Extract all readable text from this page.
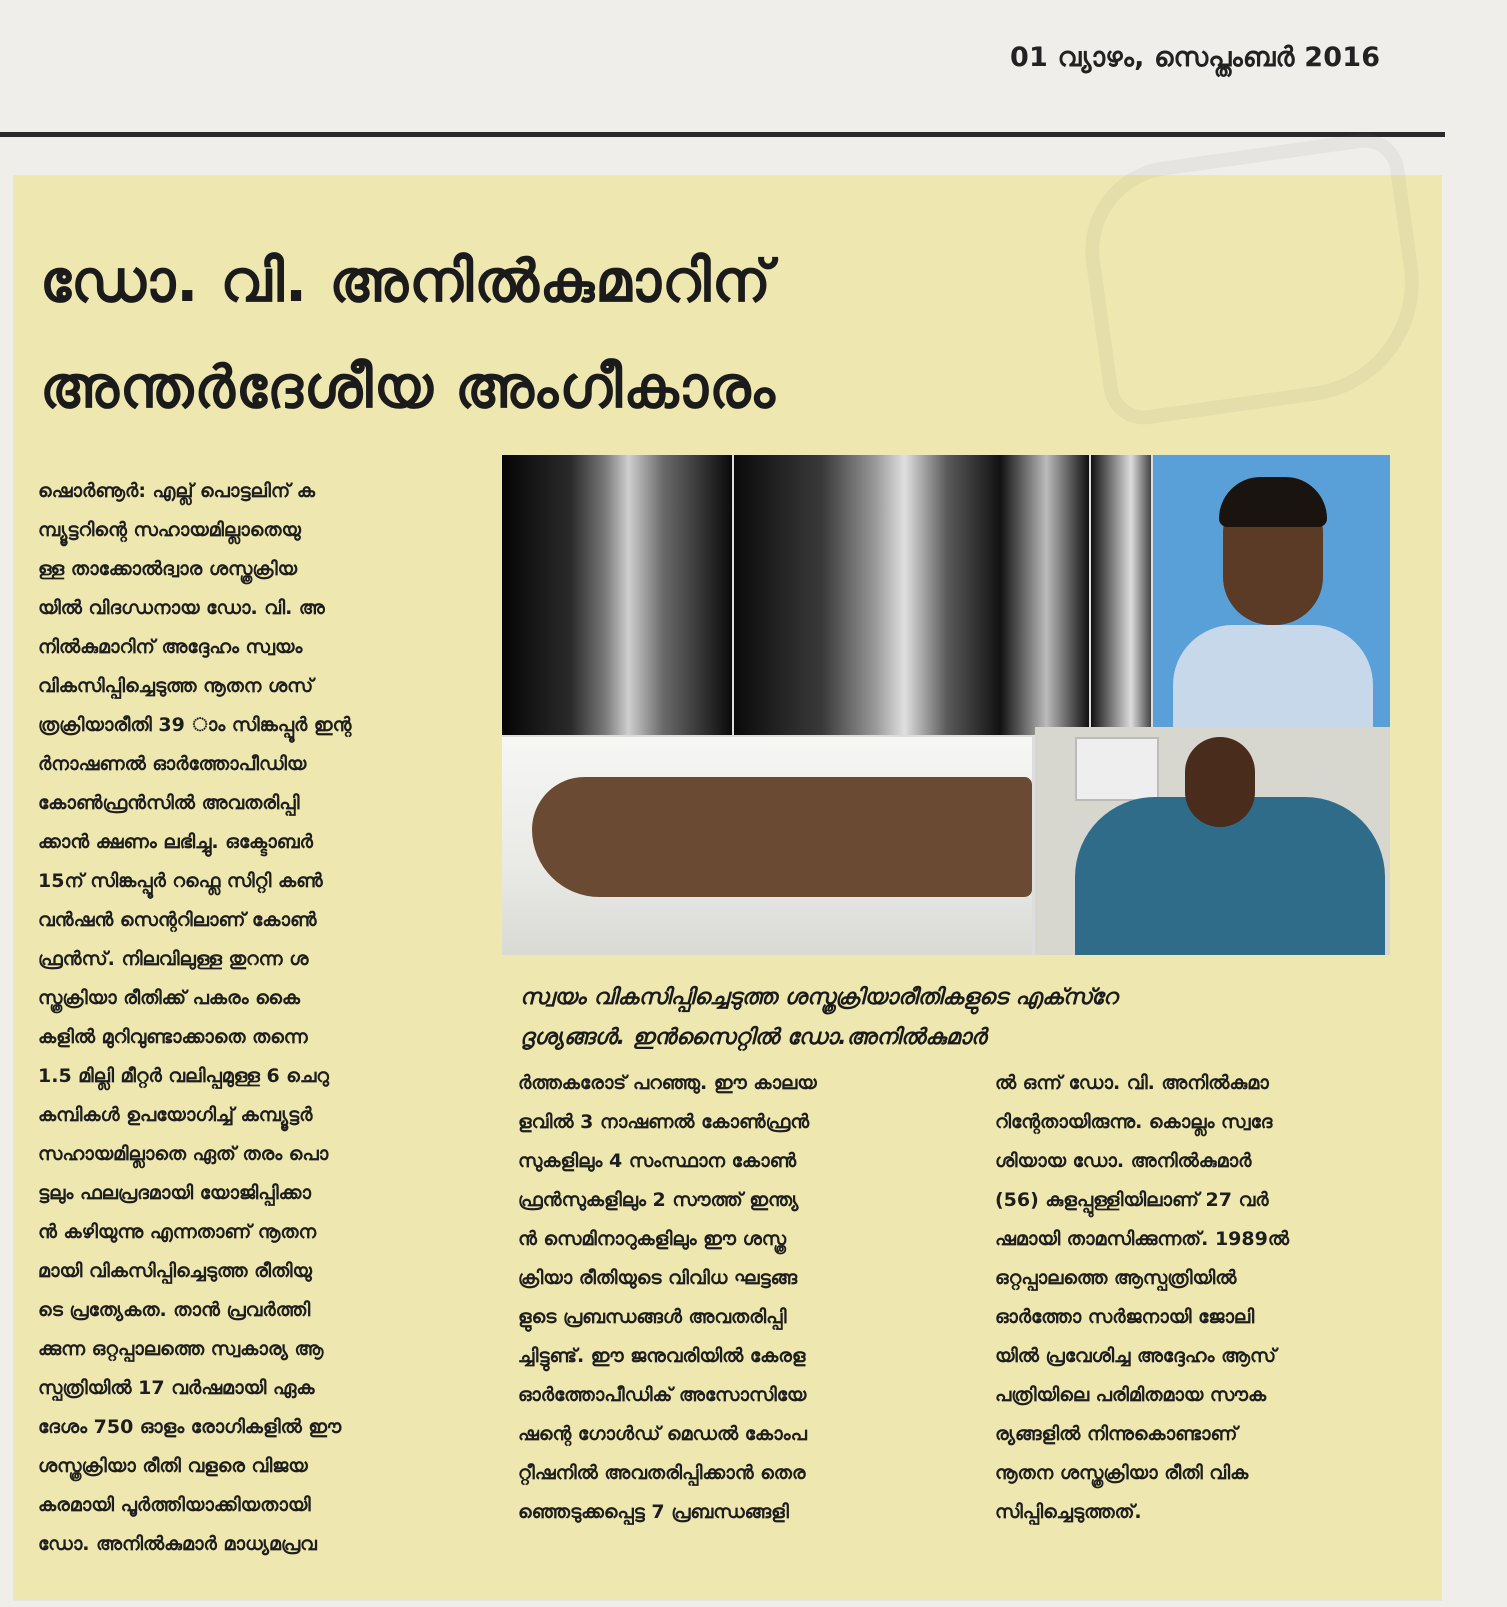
01 വ്യാഴം, സെപ്തംബർ 2016
ഡോ. വി. അനിൽകുമാറിന്
അന്തർദേശീയ അംഗീകാരം
സ്വയം വികസിപ്പിച്ചെടുത്ത ശസ്ത്രക്രിയാരീതികളുടെ എക്സ്റേ
ദൃശ്യങ്ങൾ. ഇൻസൈറ്റിൽ ഡോ.അനിൽകുമാർ
ഷൊർണൂർ: എല്ല് പൊട്ടലിന് ക
മ്പ്യൂട്ടറിന്റെ സഹായമില്ലാതെയു
ള്ള താക്കോൽദ്വാര ശസ്ത്രക്രിയ
യിൽ വിദഗ്ധനായ ഡോ. വി. അ
നിൽകുമാറിന് അദ്ദേഹം സ്വയം
വികസിപ്പിച്ചെടുത്ത നൂതന ശസ്
ത്രക്രിയാരീതി 39 ാം സിങ്കപ്പൂർ ഇന്റ
ർനാഷണൽ ഓർത്തോപീഡിയ
കോൺഫ്രൻസിൽ അവതരിപ്പി
ക്കാൻ ക്ഷണം ലഭിച്ചു. ഒക്ടോബർ
15ന് സിങ്കപ്പൂർ റഫ്ലെ സിറ്റി കൺ
വൻഷൻ സെന്ററിലാണ് കോൺ
ഫ്രൻസ്. നിലവിലുള്ള തുറന്ന ശ
സ്ത്രക്രിയാ രീതിക്ക് പകരം കൈ
കളിൽ മുറിവുണ്ടാക്കാതെ തന്നെ
1.5 മില്ലി മീറ്റർ വലിപ്പമുള്ള 6 ചെറു
കമ്പികൾ ഉപയോഗിച്ച് കമ്പ്യൂട്ടർ
സഹായമില്ലാതെ ഏത് തരം പൊ
ട്ടലും ഫലപ്രദമായി യോജിപ്പിക്കാ
ൻ കഴിയുന്നു എന്നതാണ് നൂതന
മായി വികസിപ്പിച്ചെടുത്ത രീതിയു
ടെ പ്രത്യേകത. താൻ പ്രവർത്തി
ക്കുന്ന ഒറ്റപ്പാലത്തെ സ്വകാര്യ ആ
സ്പത്രിയിൽ 17 വർഷമായി ഏക
ദേശം 750 ഓളം രോഗികളിൽ ഈ
ശസ്ത്രക്രിയാ രീതി വളരെ വിജയ
കരമായി പൂർത്തിയാക്കിയതായി
ഡോ. അനിൽകുമാർ മാധ്യമപ്രവ
ർത്തകരോട് പറഞ്ഞു. ഈ കാലയ
ളവിൽ 3 നാഷണൽ കോൺഫ്രൻ
സുകളിലും 4 സംസ്ഥാന കോൺ
ഫ്രൻസുകളിലും 2 സൗത്ത് ഇന്ത്യ
ൻ സെമിനാറുകളിലും ഈ ശസ്ത്ര
ക്രിയാ രീതിയുടെ വിവിധ ഘട്ടങ്ങ
ളുടെ പ്രബന്ധങ്ങൾ അവതരിപ്പി
ച്ചിട്ടുണ്ട്. ഈ ജനുവരിയിൽ കേരള
ഓർത്തോപീഡിക് അസോസിയേ
ഷന്റെ ഗോൾഡ് മെഡൽ കോംപ
റ്റീഷനിൽ അവതരിപ്പിക്കാൻ തെര
ഞ്ഞെടുക്കപ്പെട്ട 7 പ്രബന്ധങ്ങളി
ൽ ഒന്ന് ഡോ. വി. അനിൽകുമാ
റിന്റേതായിരുന്നു. കൊല്ലം സ്വദേ
ശിയായ ഡോ. അനിൽകുമാർ
(56) കുളപ്പുള്ളിയിലാണ് 27 വർ
ഷമായി താമസിക്കുന്നത്. 1989ൽ
ഒറ്റപ്പാലത്തെ ആസ്പത്രിയിൽ
ഓർത്തോ സർജനായി ജോലി
യിൽ പ്രവേശിച്ച അദ്ദേഹം ആസ്
പത്രിയിലെ പരിമിതമായ സൗക
ര്യങ്ങളിൽ നിന്നുകൊണ്ടാണ്
നൂതന ശസ്ത്രക്രിയാ രീതി വിക
സിപ്പിച്ചെടുത്തത്.
